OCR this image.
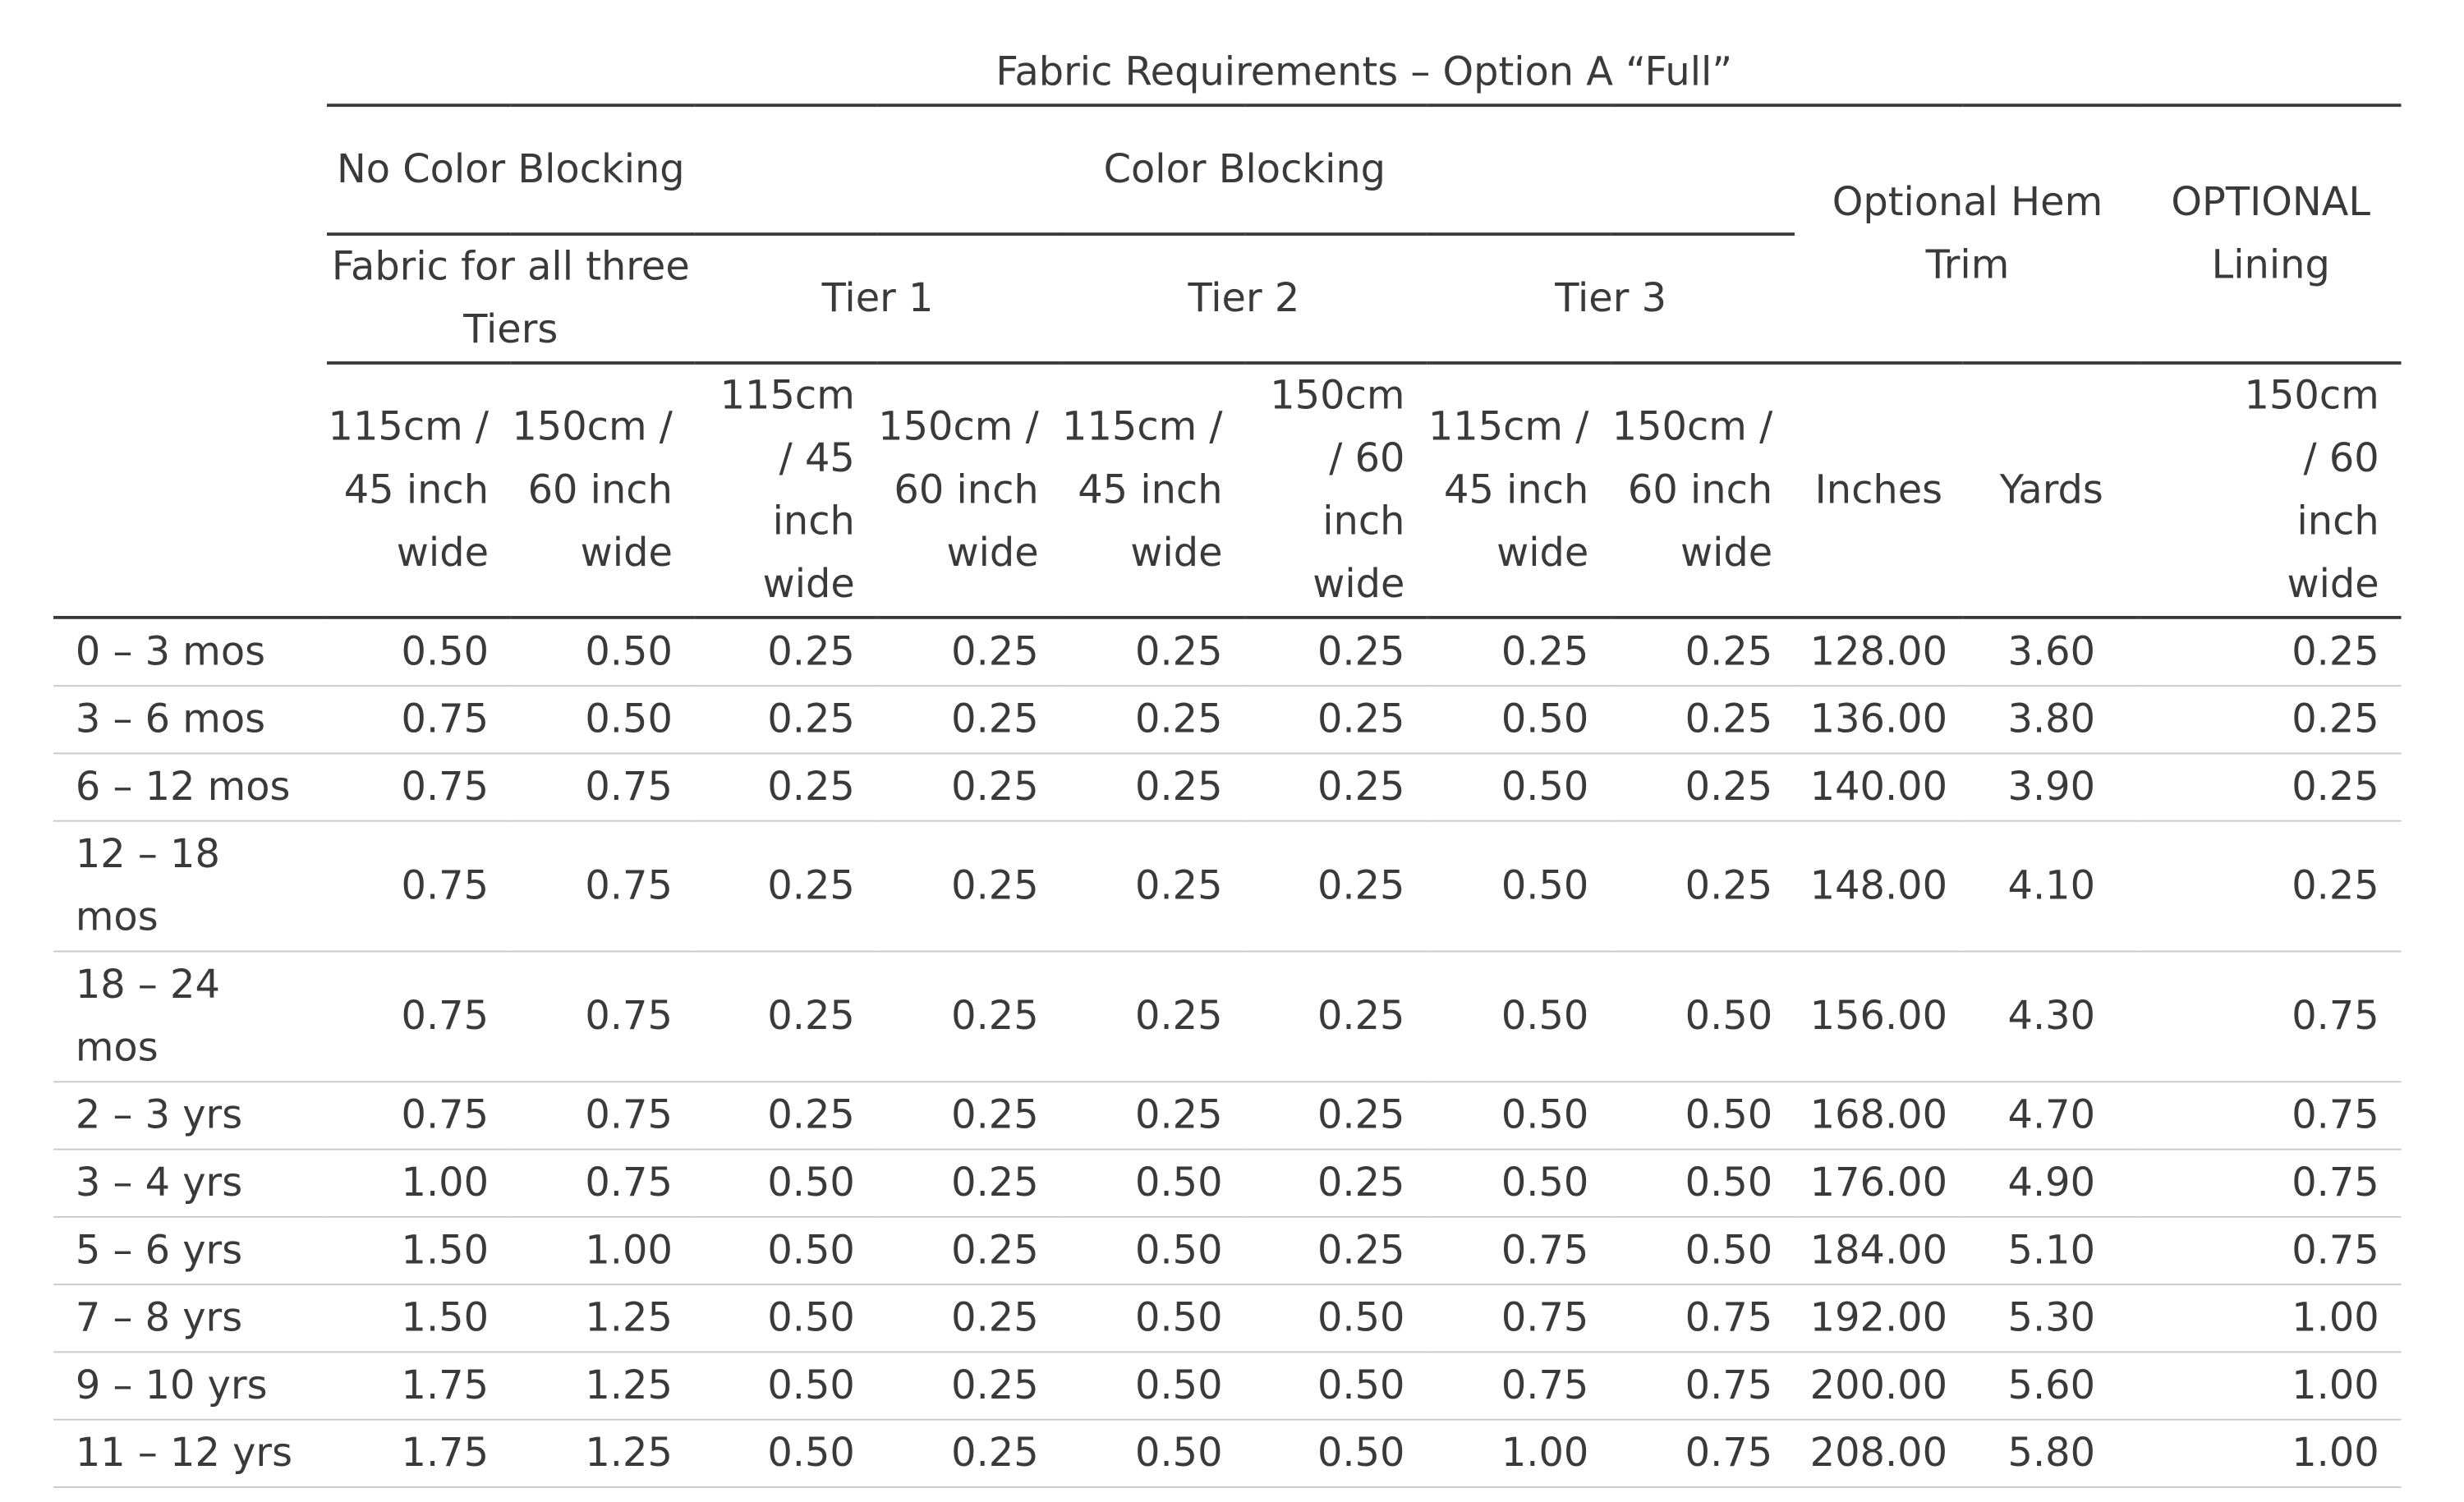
	Fabric Requirements – Option A “Full”										
	No Color Blocking		Color Blocking						Optional Hem Trim		OPTIONAL Lining
	Fabric for all three Tiers		Tier 1		Tier 2		Tier 3				
	115cm / 45 inch wide	150cm / 60 inch wide	115cm / 45 inch wide	150cm / 60 inch wide	115cm / 45 inch wide	150cm / 60 inch wide	115cm / 45 inch wide	150cm / 60 inch wide	Inches	Yards	150cm / 60 inch wide
0 – 3 mos	0.50	0.50	0.25	0.25	0.25	0.25	0.25	0.25	128.00	3.60	0.25
3 – 6 mos	0.75	0.50	0.25	0.25	0.25	0.25	0.50	0.25	136.00	3.80	0.25
6 – 12 mos	0.75	0.75	0.25	0.25	0.25	0.25	0.50	0.25	140.00	3.90	0.25
12 – 18 mos	0.75	0.75	0.25	0.25	0.25	0.25	0.50	0.25	148.00	4.10	0.25
18 – 24 mos	0.75	0.75	0.25	0.25	0.25	0.25	0.50	0.50	156.00	4.30	0.75
2 – 3 yrs	0.75	0.75	0.25	0.25	0.25	0.25	0.50	0.50	168.00	4.70	0.75
3 – 4 yrs	1.00	0.75	0.50	0.25	0.50	0.25	0.50	0.50	176.00	4.90	0.75
5 – 6 yrs	1.50	1.00	0.50	0.25	0.50	0.25	0.75	0.50	184.00	5.10	0.75
7 – 8 yrs	1.50	1.25	0.50	0.25	0.50	0.50	0.75	0.75	192.00	5.30	1.00
9 – 10 yrs	1.75	1.25	0.50	0.25	0.50	0.50	0.75	0.75	200.00	5.60	1.00
11 – 12 yrs	1.75	1.25	0.50	0.25	0.50	0.50	1.00	0.75	208.00	5.80	1.00
